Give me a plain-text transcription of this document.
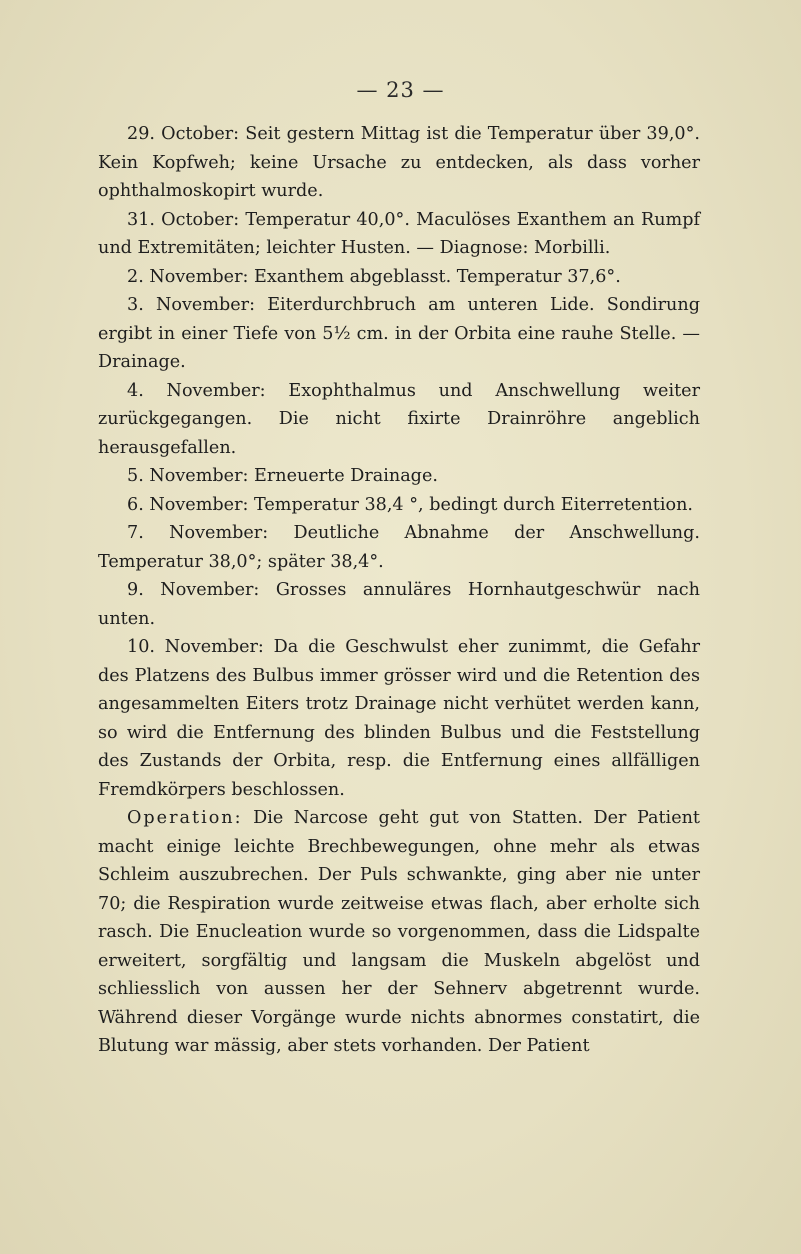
— 23 —

29. October: Seit gestern Mittag ist die Temperatur über 39,0°. Kein Kopfweh; keine Ursache zu entdecken, als dass vorher ophthalmoskopirt wurde.

31. October: Temperatur 40,0°. Maculöses Exanthem an Rumpf und Extremitäten; leichter Husten. — Diagnose: Morbilli.

2. November: Exanthem abgeblasst. Temperatur 37,6°.

3. November: Eiterdurchbruch am unteren Lide. Sondirung ergibt in einer Tiefe von 5½ cm. in der Orbita eine rauhe Stelle. — Drainage.

4. November: Exophthalmus und Anschwellung weiter zurückgegangen. Die nicht fixirte Drainröhre angeblich herausgefallen.

5. November: Erneuerte Drainage.

6. November: Temperatur 38,4 °, bedingt durch Eiterretention.

7. November: Deutliche Abnahme der Anschwellung. Temperatur 38,0°; später 38,4°.

9. November: Grosses annuläres Hornhautgeschwür nach unten.

10. November: Da die Geschwulst eher zunimmt, die Gefahr des Platzens des Bulbus immer grösser wird und die Retention des angesammelten Eiters trotz Drainage nicht verhütet werden kann, so wird die Entfernung des blinden Bulbus und die Feststellung des Zustands der Orbita, resp. die Entfernung eines allfälligen Fremdkörpers beschlossen.

Operation: Die Narcose geht gut von Statten. Der Patient macht einige leichte Brechbewegungen, ohne mehr als etwas Schleim auszubrechen. Der Puls schwankte, ging aber nie unter 70; die Respiration wurde zeitweise etwas flach, aber erholte sich rasch. Die Enucleation wurde so vorgenommen, dass die Lidspalte erweitert, sorgfältig und langsam die Muskeln abgelöst und schliesslich von aussen her der Sehnerv abgetrennt wurde. Während dieser Vorgänge wurde nichts abnormes constatirt, die Blutung war mässig, aber stets vorhanden. Der Patient
